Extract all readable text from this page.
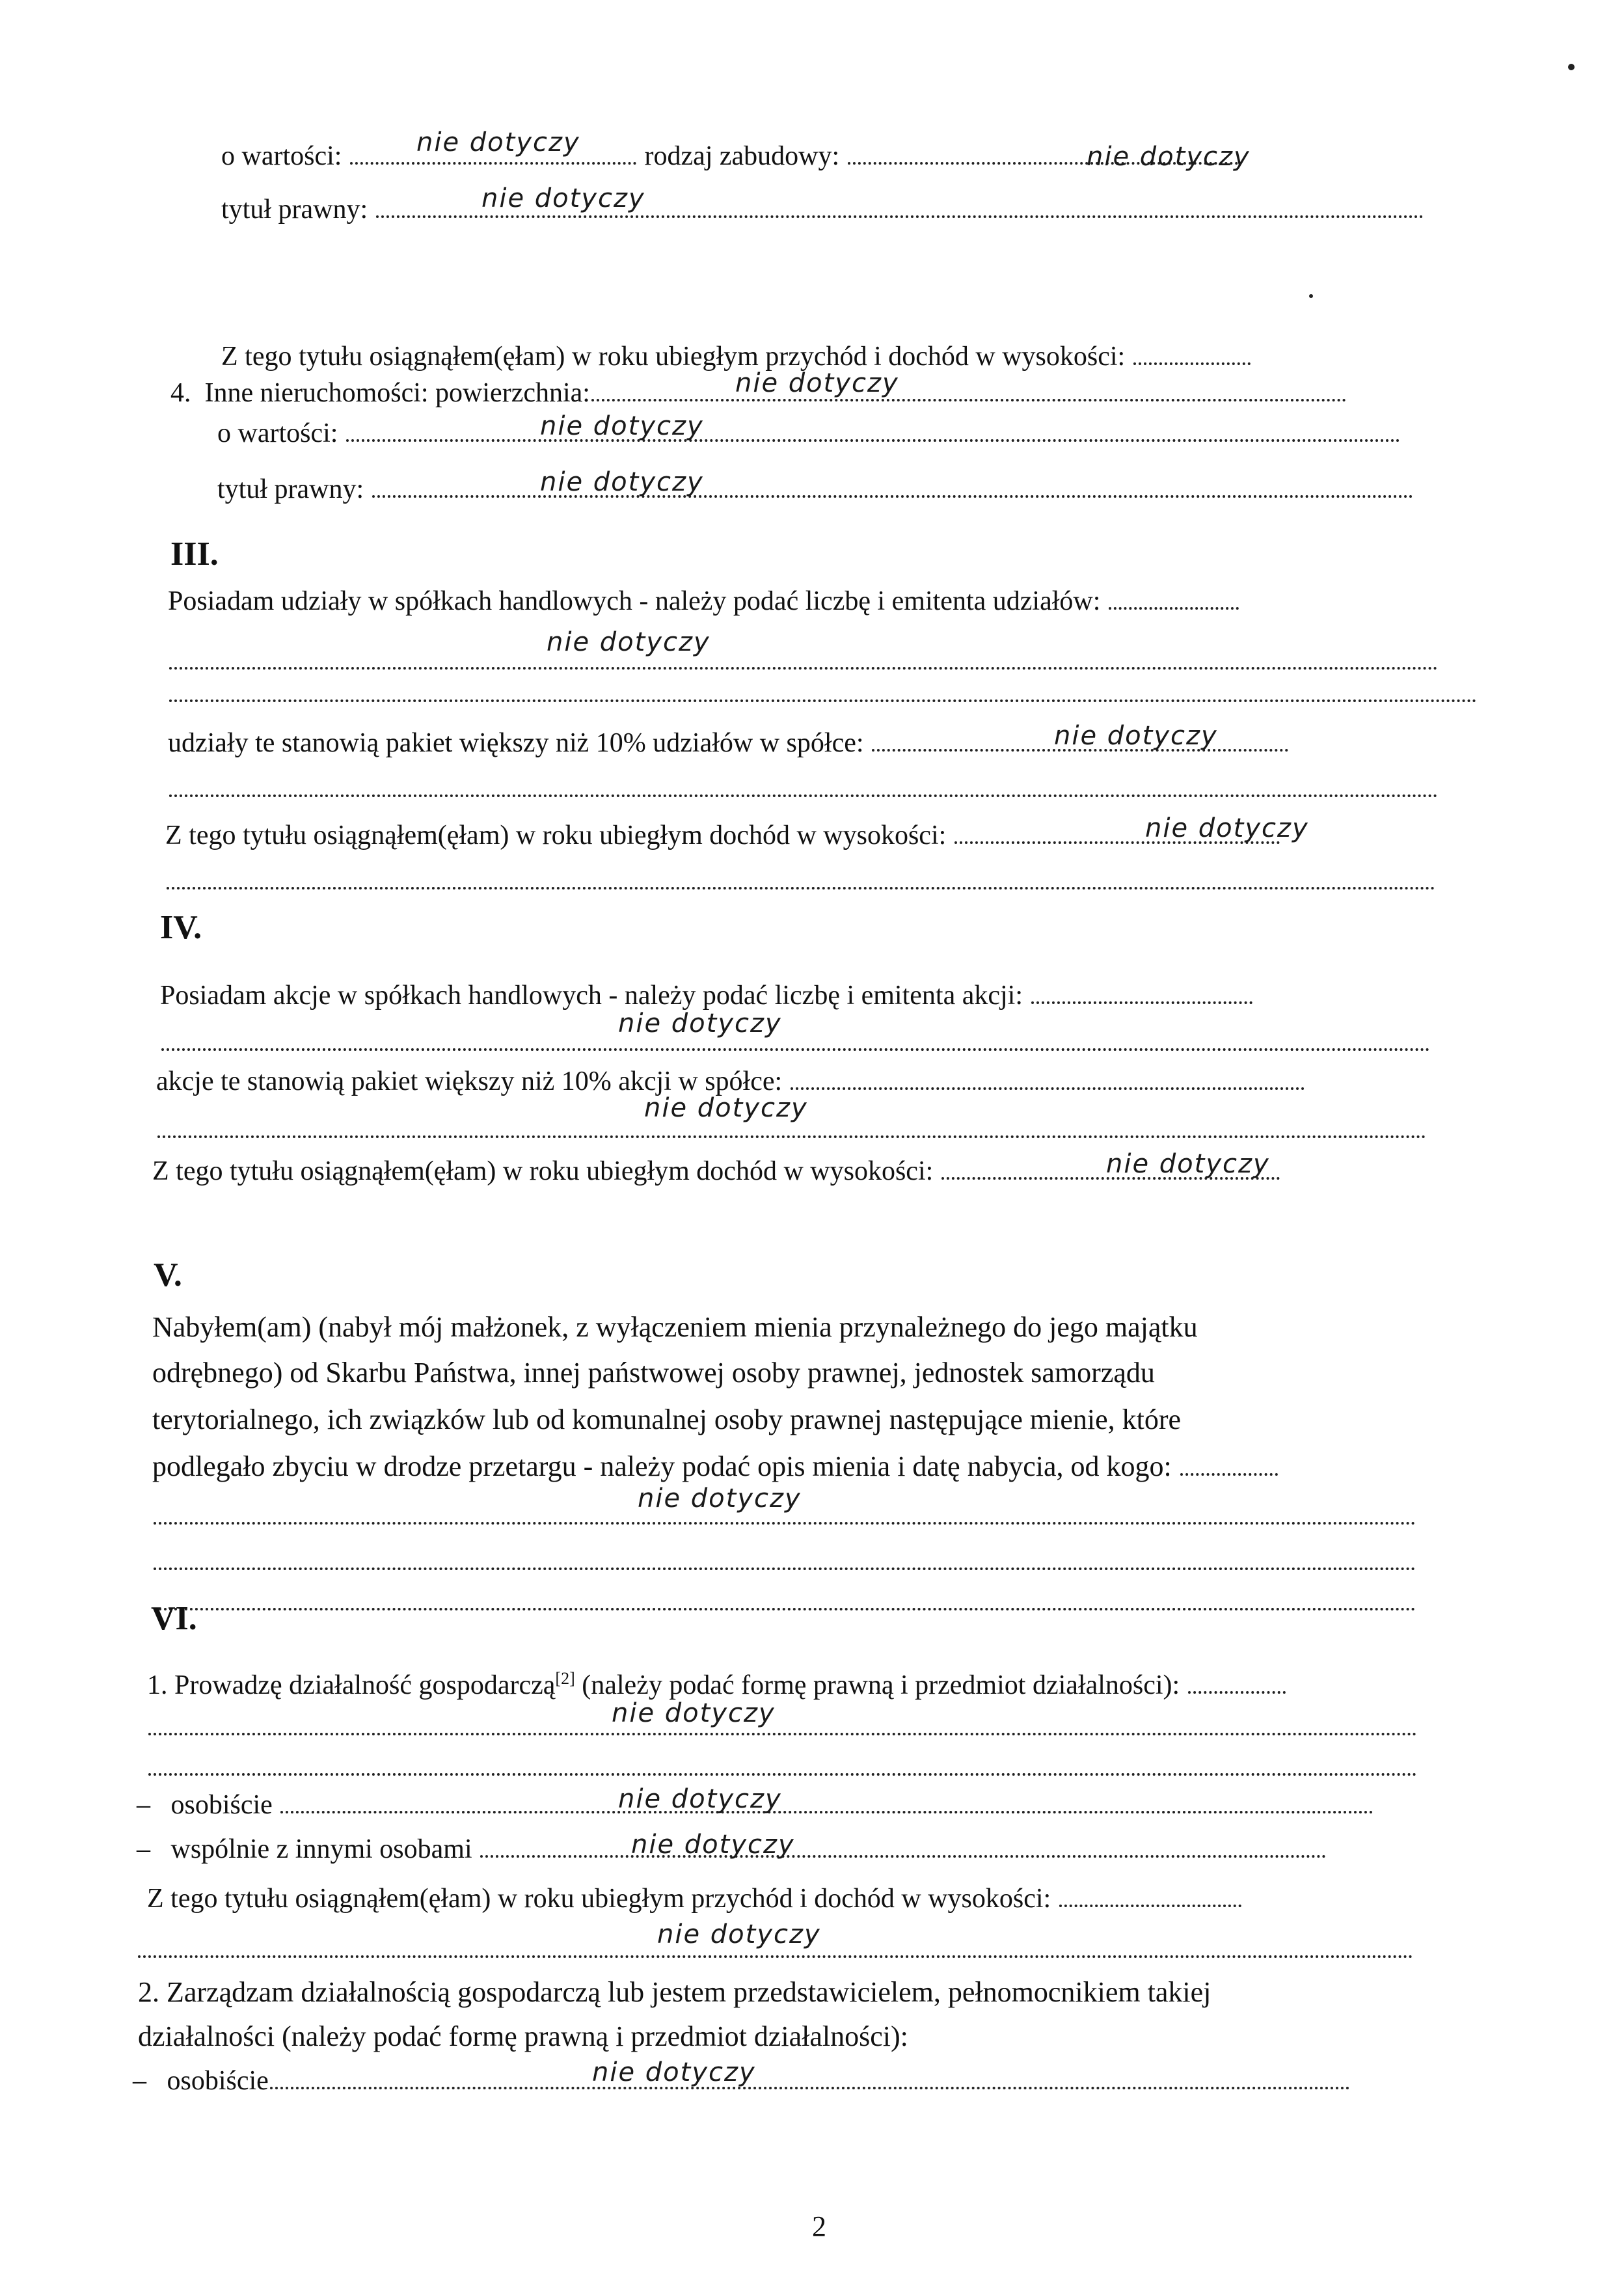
o wartości:	rodzaj zabudowy:
nie dotyczy	nie dotyczy
tytuł prawny:	nie dotyczy
Z tego tytułu osiągnąłem(ęłam) w roku ubiegłym przychód i dochód w wysokości:
4. Inne nieruchomości: powierzchnia:	nie dotyczy
o wartości:	nie dotyczy
tytuł prawny:	nie dotyczy
III.
Posiadam udziały w spółkach handlowych - należy podać liczbę i emitenta udziałów:
nie dotyczy
udziały te stanowią pakiet większy niż 10% udziałów w spółce:	nie dotyczy
Z tego tytułu osiągnąłem(ęłam) w roku ubiegłym dochód w wysokości:	nie dotyczy
IV.
Posiadam akcje w spółkach handlowych - należy podać liczbę i emitenta akcji:
nie dotyczy
akcje te stanowią pakiet większy niż 10% akcji w spółce:
nie dotyczy
Z tego tytułu osiągnąłem(ęłam) w roku ubiegłym dochód w wysokości:	nie dotyczy
V.
Nabyłem(am) (nabył mój małżonek, z wyłączeniem mienia przynależnego do jego majątku
odrębnego) od Skarbu Państwa, innej państwowej osoby prawnej, jednostek samorządu
terytorialnego, ich związków lub od komunalnej osoby prawnej następujące mienie, które
podlegało zbyciu w drodze przetargu - należy podać opis mienia i datę nabycia, od kogo:
nie dotyczy
VI.
1. Prowadzę działalność gospodarczą[2] (należy podać formę prawną i przedmiot działalności):
nie dotyczy
– osobiście	nie dotyczy
– wspólnie z innymi osobami	nie dotyczy
Z tego tytułu osiągnąłem(ęłam) w roku ubiegłym przychód i dochód w wysokości:
nie dotyczy
2. Zarządzam działalnością gospodarczą lub jestem przedstawicielem, pełnomocnikiem takiej
działalności (należy podać formę prawną i przedmiot działalności):
– osobiście	nie dotyczy
2
